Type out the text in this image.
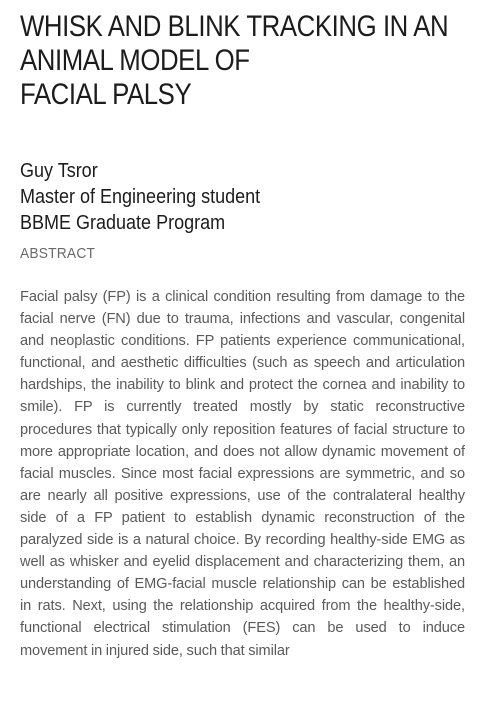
WHISK AND BLINK TRACKING IN AN
ANIMAL MODEL OF
FACIAL PALSY
Guy Tsror
Master of Engineering student
BBME Graduate Program
ABSTRACT

Facial palsy (FP) is a clinical condition resulting from damage to the facial nerve (FN) due to trauma, infections and vascular, congenital and neoplastic conditions. FP patients experience communicational, functional, and aesthetic difficulties (such as speech and articulation hardships, the inability to blink and protect the cornea and inability to smile). FP is currently treated mostly by static reconstructive procedures that typically only reposition features of facial structure to more appropriate location, and does not allow dynamic movement of facial muscles. Since most facial expressions are symmetric, and so are nearly all positive expressions, use of the contralateral healthy side of a FP patient to establish dynamic reconstruction of the paralyzed side is a natural choice. By recording healthy-side EMG as well as whisker and eyelid displacement and characterizing them, an understanding of EMG-facial muscle relationship can be established in rats. Next, using the relationship acquired from the healthy-side, functional electrical stimulation (FES) can be used to induce movement in injured side, such that similar
